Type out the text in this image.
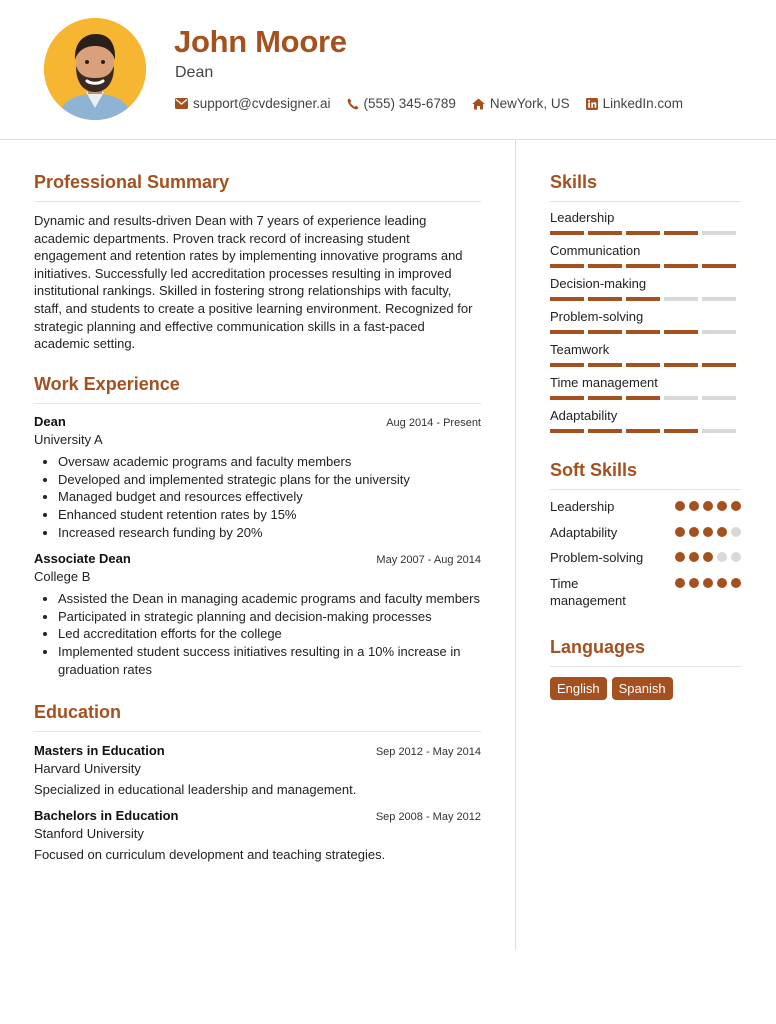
John Moore
Dean
support@cvdesigner.ai (555) 345-6789	NewYork, US LinkedIn.com
Professional Summary

Dynamic and results-driven Dean with 7 years of experience leading academic departments. Proven track record of increasing student engagement and retention rates by implementing innovative programs and initiatives. Successfully led accreditation processes resulting in improved institutional rankings. Skilled in fostering strong relationships with faculty, staff, and students to create a positive learning environment. Recognized for strategic planning and effective communication skills in a fast-paced academic setting.

Work Experience
Dean	Aug 2014 - Present
University A
• Oversaw academic programs and faculty members
• Developed and implemented strategic plans for the university
• Managed budget and resources effectively
• Enhanced student retention rates by 15%
• Increased research funding by 20%
Associate Dean	May 2007 - Aug 2014
College B
• Assisted the Dean in managing academic programs and faculty members
• Participated in strategic planning and decision-making processes
• Led accreditation efforts for the college
• Implemented student success initiatives resulting in a 10% increase in graduation rates
Education
Masters in Education	Sep 2012 - May 2014
Harvard University
Specialized in educational leadership and management.
Bachelors in Education	Sep 2008 - May 2012
Stanford University
Focused on curriculum development and teaching strategies.
Skills
Leadership
Communication
Decision-making
Problem-solving
Teamwork
Time management
Adaptability
Soft Skills
Leadership
Adaptability
Problem-solving
Time management
Languages
English	Spanish
